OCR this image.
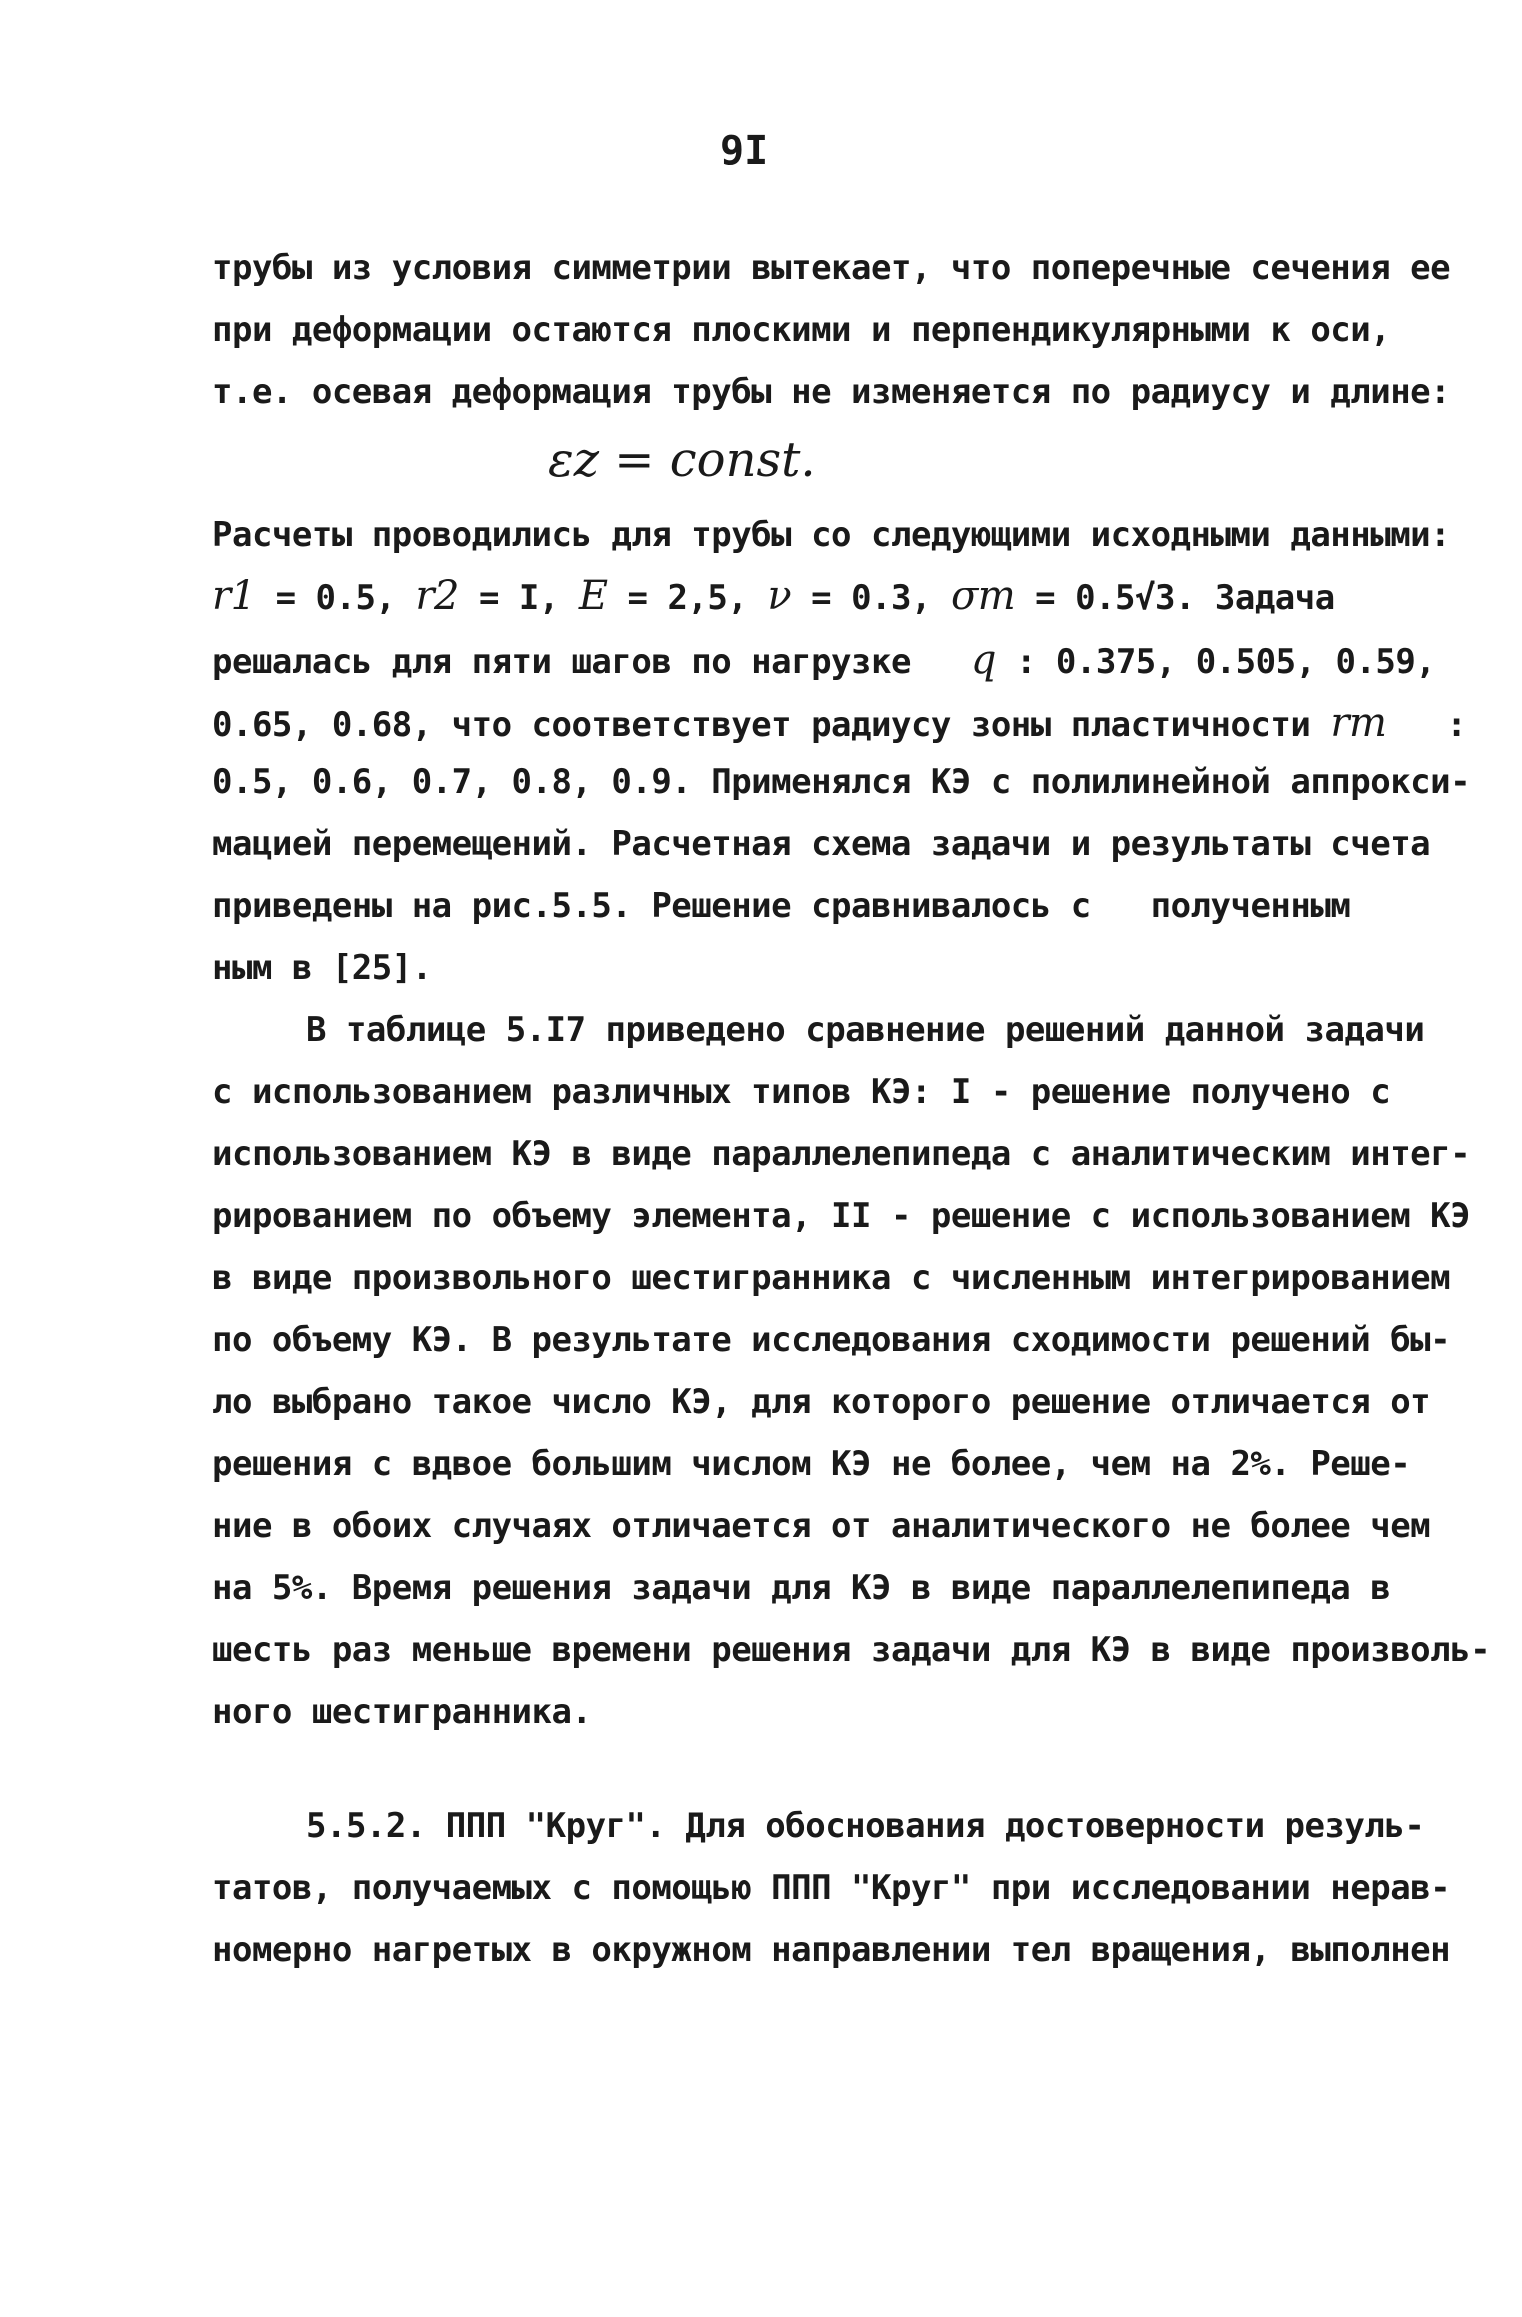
9I
трубы из условия симметрии вытекает, что поперечные сечения ее
при деформации остаются плоскими и перпендикулярными к оси,
т.е. осевая деформация трубы не изменяется по радиусу и длине:
εz = const.
Расчеты проводились для трубы со следующими исходными данными:
r1 = 0.5, r2 = I, E = 2,5, ν = 0.3, σт = 0.5√3. Задача
решалась для пяти шагов по нагрузке q : 0.375, 0.505, 0.59,
0.65, 0.68, что соответствует радиусу зоны пластичности rт :
0.5, 0.6, 0.7, 0.8, 0.9. Применялся КЭ с полилинейной аппрокси-
мацией перемещений. Расчетная схема задачи и результаты счета
приведены на рис.5.5. Решение сравнивалось с полученным
ным в [25].
В таблице 5.I7 приведено сравнение решений данной задачи
с использованием различных типов КЭ: I - решение получено с
использованием КЭ в виде параллелепипеда с аналитическим интег-
рированием по объему элемента, II - решение с использованием КЭ
в виде произвольного шестигранника с численным интегрированием
по объему КЭ. В результате исследования сходимости решений бы-
ло выбрано такое число КЭ, для которого решение отличается от
решения с вдвое большим числом КЭ не более, чем на 2%. Реше-
ние в обоих случаях отличается от аналитического не более чем
на 5%. Время решения задачи для КЭ в виде параллелепипеда в
шесть раз меньше времени решения задачи для КЭ в виде произволь-
ного шестигранника.
5.5.2. ППП "Круг". Для обоснования достоверности резуль-
татов, получаемых с помощью ППП "Круг" при исследовании нерав-
номерно нагретых в окружном направлении тел вращения, выполнен
